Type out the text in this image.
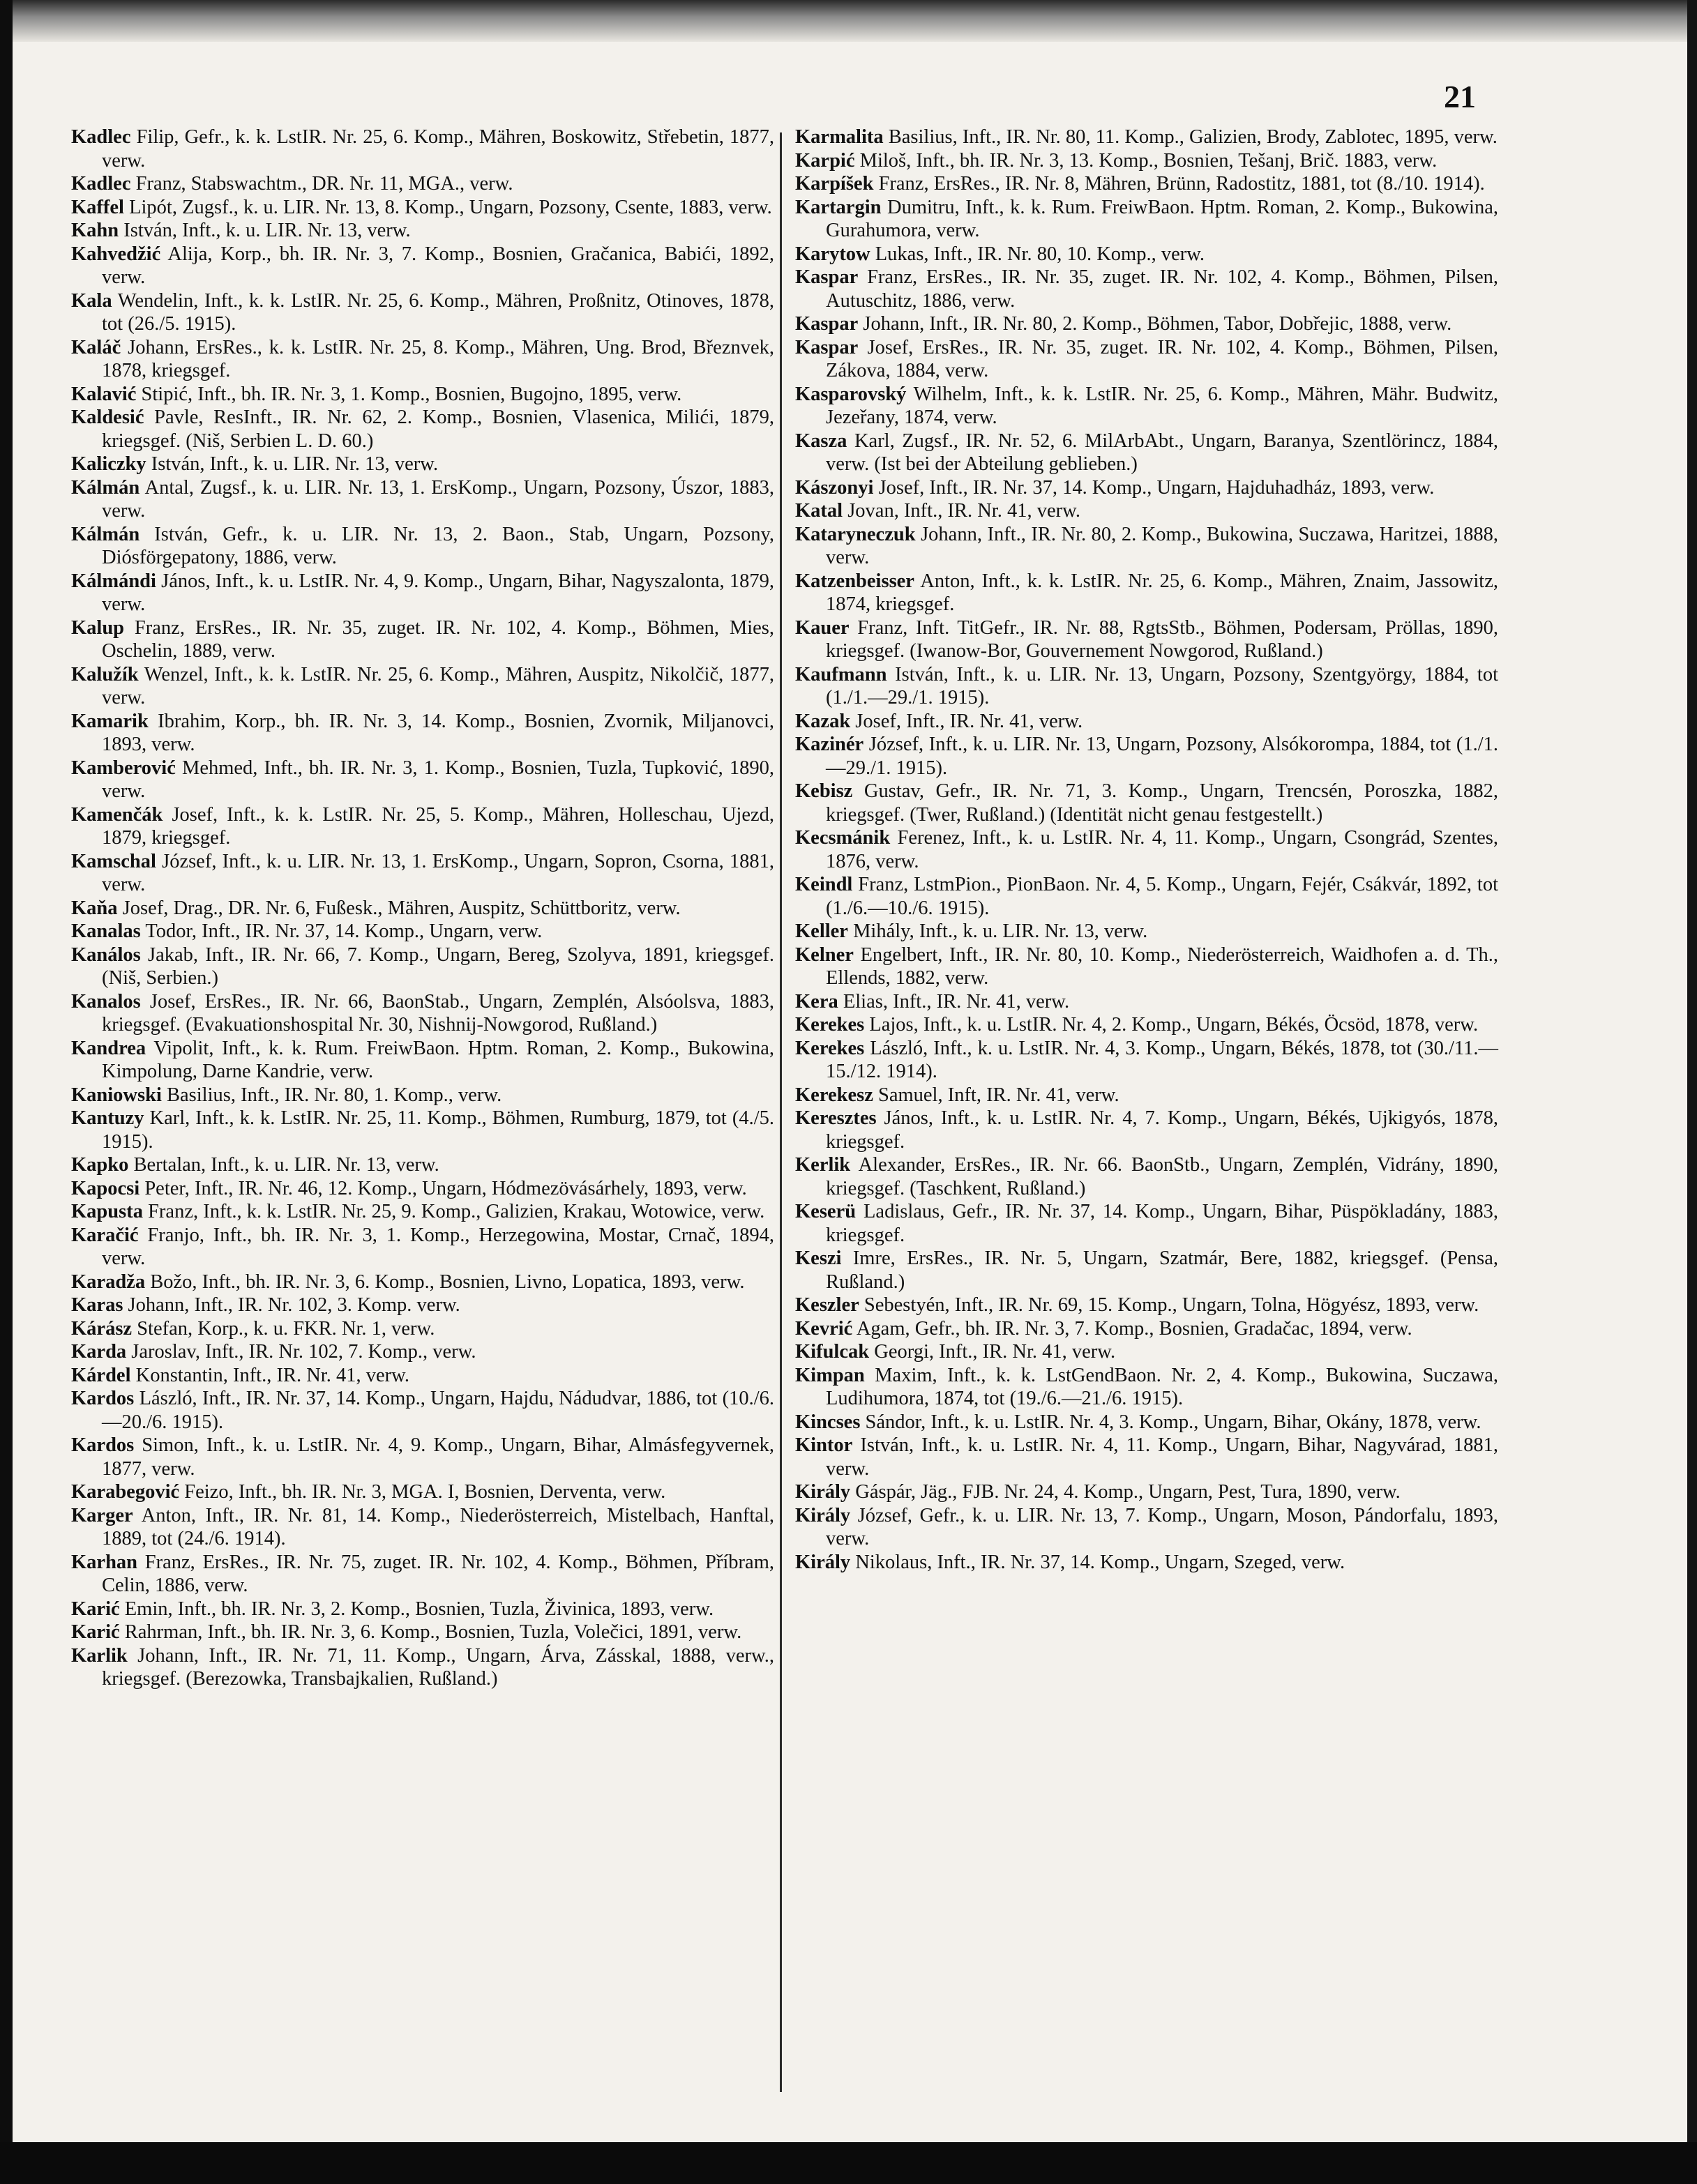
21

Kadlec Filip, Gefr., k. k. LstIR. Nr. 25, 6. Komp., Mähren, Boskowitz, Střebetin, 1877, verw.

Kadlec Franz, Stabswachtm., DR. Nr. 11, MGA., verw.

Kaffel Lipót, Zugsf., k. u. LIR. Nr. 13, 8. Komp., Ungarn, Pozsony, Csente, 1883, verw.

Kahn István, Inft., k. u. LIR. Nr. 13, verw.

Kahvedžić Alija, Korp., bh. IR. Nr. 3, 7. Komp., Bosnien, Gračanica, Babići, 1892, verw.

Kala Wendelin, Inft., k. k. LstIR. Nr. 25, 6. Komp., Mähren, Proßnitz, Otinoves, 1878, tot (26./5. 1915).

Kaláč Johann, ErsRes., k. k. LstIR. Nr. 25, 8. Komp., Mähren, Ung. Brod, Březnvek, 1878, kriegsgef.

Kalavić Stipić, Inft., bh. IR. Nr. 3, 1. Komp., Bosnien, Bugojno, 1895, verw.

Kaldesić Pavle, ResInft., IR. Nr. 62, 2. Komp., Bosnien, Vlasenica, Milići, 1879, kriegsgef. (Niš, Serbien L. D. 60.)

Kaliczky István, Inft., k. u. LIR. Nr. 13, verw.

Kálmán Antal, Zugsf., k. u. LIR. Nr. 13, 1. ErsKomp., Ungarn, Pozsony, Úszor, 1883, verw.

Kálmán István, Gefr., k. u. LIR. Nr. 13, 2. Baon., Stab, Ungarn, Pozsony, Diósförgepatony, 1886, verw.

Kálmándi János, Inft., k. u. LstIR. Nr. 4, 9. Komp., Ungarn, Bihar, Nagyszalonta, 1879, verw.

Kalup Franz, ErsRes., IR. Nr. 35, zuget. IR. Nr. 102, 4. Komp., Böhmen, Mies, Oschelin, 1889, verw.

Kalužík Wenzel, Inft., k. k. LstIR. Nr. 25, 6. Komp., Mähren, Auspitz, Nikolčič, 1877, verw.

Kamarik Ibrahim, Korp., bh. IR. Nr. 3, 14. Komp., Bosnien, Zvornik, Miljanovci, 1893, verw.

Kamberović Mehmed, Inft., bh. IR. Nr. 3, 1. Komp., Bosnien, Tuzla, Tupković, 1890, verw.

Kamenčák Josef, Inft., k. k. LstIR. Nr. 25, 5. Komp., Mähren, Holleschau, Ujezd, 1879, kriegsgef.

Kamschal József, Inft., k. u. LIR. Nr. 13, 1. ErsKomp., Ungarn, Sopron, Csorna, 1881, verw.

Kaňa Josef, Drag., DR. Nr. 6, Fußesk., Mähren, Auspitz, Schüttboritz, verw.

Kanalas Todor, Inft., IR. Nr. 37, 14. Komp., Ungarn, verw.

Kanálos Jakab, Inft., IR. Nr. 66, 7. Komp., Ungarn, Bereg, Szolyva, 1891, kriegsgef. (Niš, Serbien.)

Kanalos Josef, ErsRes., IR. Nr. 66, BaonStab., Ungarn, Zemplén, Alsóolsva, 1883, kriegsgef. (Evakuationshospital Nr. 30, Nishnij-Nowgorod, Rußland.)

Kandrea Vipolit, Inft., k. k. Rum. FreiwBaon. Hptm. Roman, 2. Komp., Bukowina, Kimpolung, Darne Kandrie, verw.

Kaniowski Basilius, Inft., IR. Nr. 80, 1. Komp., verw.

Kantuzy Karl, Inft., k. k. LstIR. Nr. 25, 11. Komp., Böhmen, Rumburg, 1879, tot (4./5. 1915).

Kapko Bertalan, Inft., k. u. LIR. Nr. 13, verw.

Kapocsi Peter, Inft., IR. Nr. 46, 12. Komp., Ungarn, Hódmezövásárhely, 1893, verw.

Kapusta Franz, Inft., k. k. LstIR. Nr. 25, 9. Komp., Galizien, Krakau, Wotowice, verw.

Karačić Franjo, Inft., bh. IR. Nr. 3, 1. Komp., Herzegowina, Mostar, Crnač, 1894, verw.

Karadža Božo, Inft., bh. IR. Nr. 3, 6. Komp., Bosnien, Livno, Lopatica, 1893, verw.

Karas Johann, Inft., IR. Nr. 102, 3. Komp. verw.

Kárász Stefan, Korp., k. u. FKR. Nr. 1, verw.

Karda Jaroslav, Inft., IR. Nr. 102, 7. Komp., verw.

Kárdel Konstantin, Inft., IR. Nr. 41, verw.

Kardos László, Inft., IR. Nr. 37, 14. Komp., Ungarn, Hajdu, Nádudvar, 1886, tot (10./6.—20./6. 1915).

Kardos Simon, Inft., k. u. LstIR. Nr. 4, 9. Komp., Ungarn, Bihar, Almásfegyvernek, 1877, verw.

Karabegović Feizo, Inft., bh. IR. Nr. 3, MGA. I, Bosnien, Derventa, verw.

Karger Anton, Inft., IR. Nr. 81, 14. Komp., Niederösterreich, Mistelbach, Hanftal, 1889, tot (24./6. 1914).

Karhan Franz, ErsRes., IR. Nr. 75, zuget. IR. Nr. 102, 4. Komp., Böhmen, Příbram, Celin, 1886, verw.

Karić Emin, Inft., bh. IR. Nr. 3, 2. Komp., Bosnien, Tuzla, Živinica, 1893, verw.

Karić Rahrman, Inft., bh. IR. Nr. 3, 6. Komp., Bosnien, Tuzla, Volečici, 1891, verw.

Karlik Johann, Inft., IR. Nr. 71, 11. Komp., Ungarn, Árva, Zásskal, 1888, verw., kriegsgef. (Berezowka, Transbajkalien, Rußland.)

Karmalita Basilius, Inft., IR. Nr. 80, 11. Komp., Galizien, Brody, Zablotec, 1895, verw.

Karpić Miloš, Inft., bh. IR. Nr. 3, 13. Komp., Bosnien, Tešanj, Brič. 1883, verw.

Karpíšek Franz, ErsRes., IR. Nr. 8, Mähren, Brünn, Radostitz, 1881, tot (8./10. 1914).

Kartargin Dumitru, Inft., k. k. Rum. FreiwBaon. Hptm. Roman, 2. Komp., Bukowina, Gurahumora, verw.

Karytow Lukas, Inft., IR. Nr. 80, 10. Komp., verw.

Kaspar Franz, ErsRes., IR. Nr. 35, zuget. IR. Nr. 102, 4. Komp., Böhmen, Pilsen, Autuschitz, 1886, verw.

Kaspar Johann, Inft., IR. Nr. 80, 2. Komp., Böhmen, Tabor, Dobřejic, 1888, verw.

Kaspar Josef, ErsRes., IR. Nr. 35, zuget. IR. Nr. 102, 4. Komp., Böhmen, Pilsen, Zákova, 1884, verw.

Kasparovský Wilhelm, Inft., k. k. LstIR. Nr. 25, 6. Komp., Mähren, Mähr. Budwitz, Jezeřany, 1874, verw.

Kasza Karl, Zugsf., IR. Nr. 52, 6. MilArbAbt., Ungarn, Baranya, Szentlörincz, 1884, verw. (Ist bei der Abteilung geblieben.)

Kászonyi Josef, Inft., IR. Nr. 37, 14. Komp., Ungarn, Hajduhadház, 1893, verw.

Katal Jovan, Inft., IR. Nr. 41, verw.

Kataryneczuk Johann, Inft., IR. Nr. 80, 2. Komp., Bukowina, Suczawa, Haritzei, 1888, verw.

Katzenbeisser Anton, Inft., k. k. LstIR. Nr. 25, 6. Komp., Mähren, Znaim, Jassowitz, 1874, kriegsgef.

Kauer Franz, Inft. TitGefr., IR. Nr. 88, RgtsStb., Böhmen, Podersam, Pröllas, 1890, kriegsgef. (Iwanow-Bor, Gouvernement Nowgorod, Rußland.)

Kaufmann István, Inft., k. u. LIR. Nr. 13, Ungarn, Pozsony, Szentgyörgy, 1884, tot (1./1.—29./1. 1915).

Kazak Josef, Inft., IR. Nr. 41, verw.

Kazinér József, Inft., k. u. LIR. Nr. 13, Ungarn, Pozsony, Alsókorompa, 1884, tot (1./1.—29./1. 1915).

Kebisz Gustav, Gefr., IR. Nr. 71, 3. Komp., Ungarn, Trencsén, Poroszka, 1882, kriegsgef. (Twer, Rußland.) (Identität nicht genau festgestellt.)

Kecsmánik Ferenez, Inft., k. u. LstIR. Nr. 4, 11. Komp., Ungarn, Csongrád, Szentes, 1876, verw.

Keindl Franz, LstmPion., PionBaon. Nr. 4, 5. Komp., Ungarn, Fejér, Csákvár, 1892, tot (1./6.—10./6. 1915).

Keller Mihály, Inft., k. u. LIR. Nr. 13, verw.

Kelner Engelbert, Inft., IR. Nr. 80, 10. Komp., Niederösterreich, Waidhofen a. d. Th., Ellends, 1882, verw.

Kera Elias, Inft., IR. Nr. 41, verw.

Kerekes Lajos, Inft., k. u. LstIR. Nr. 4, 2. Komp., Ungarn, Békés, Öcsöd, 1878, verw.

Kerekes László, Inft., k. u. LstIR. Nr. 4, 3. Komp., Ungarn, Békés, 1878, tot (30./11.—15./12. 1914).

Kerekesz Samuel, Inft, IR. Nr. 41, verw.

Keresztes János, Inft., k. u. LstIR. Nr. 4, 7. Komp., Ungarn, Békés, Ujkigyós, 1878, kriegsgef.

Kerlik Alexander, ErsRes., IR. Nr. 66. BaonStb., Ungarn, Zemplén, Vidrány, 1890, kriegsgef. (Taschkent, Rußland.)

Keserü Ladislaus, Gefr., IR. Nr. 37, 14. Komp., Ungarn, Bihar, Püspökladány, 1883, kriegsgef.

Keszi Imre, ErsRes., IR. Nr. 5, Ungarn, Szatmár, Bere, 1882, kriegsgef. (Pensa, Rußland.)

Keszler Sebestyén, Inft., IR. Nr. 69, 15. Komp., Ungarn, Tolna, Högyész, 1893, verw.

Kevrić Agam, Gefr., bh. IR. Nr. 3, 7. Komp., Bosnien, Gradačac, 1894, verw.

Kifulcak Georgi, Inft., IR. Nr. 41, verw.

Kimpan Maxim, Inft., k. k. LstGendBaon. Nr. 2, 4. Komp., Bukowina, Suczawa, Ludihumora, 1874, tot (19./6.—21./6. 1915).

Kincses Sándor, Inft., k. u. LstIR. Nr. 4, 3. Komp., Ungarn, Bihar, Okány, 1878, verw.

Kintor István, Inft., k. u. LstIR. Nr. 4, 11. Komp., Ungarn, Bihar, Nagyvárad, 1881, verw.

Király Gáspár, Jäg., FJB. Nr. 24, 4. Komp., Ungarn, Pest, Tura, 1890, verw.

Király József, Gefr., k. u. LIR. Nr. 13, 7. Komp., Ungarn, Moson, Pándorfalu, 1893, verw.

Király Nikolaus, Inft., IR. Nr. 37, 14. Komp., Ungarn, Szeged, verw.
